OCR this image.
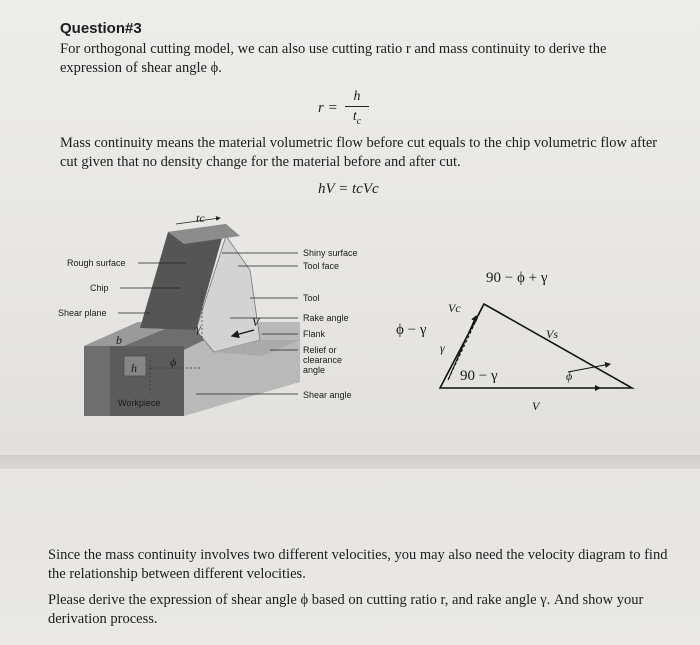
Question#3
For orthogonal cutting model, we can also use cutting ratio r and mass continuity to derive the expression of shear angle ϕ.
r =
h
$t_c$
Mass continuity means the material volumetric flow before cut equals to the chip volumetric flow after cut given that no density change for the material before and after cut.
hV = tcVc
tc
V
b
h
γ
ϕ
Rough surface
Chip
Shear plane
Workpiece
Shiny surface
Tool face
Tool
Rake angle
Flank
Relief or
clearance
angle
Shear angle
90 − ϕ + γ
ϕ − γ
90 − γ
Vc
Vs
V
ϕ
γ
Since the mass continuity involves two different velocities, you may also need the velocity diagram to find the relationship between different velocities.
Please derive the expression of shear angle ϕ based on cutting ratio r, and rake angle γ. And show your derivation process.
